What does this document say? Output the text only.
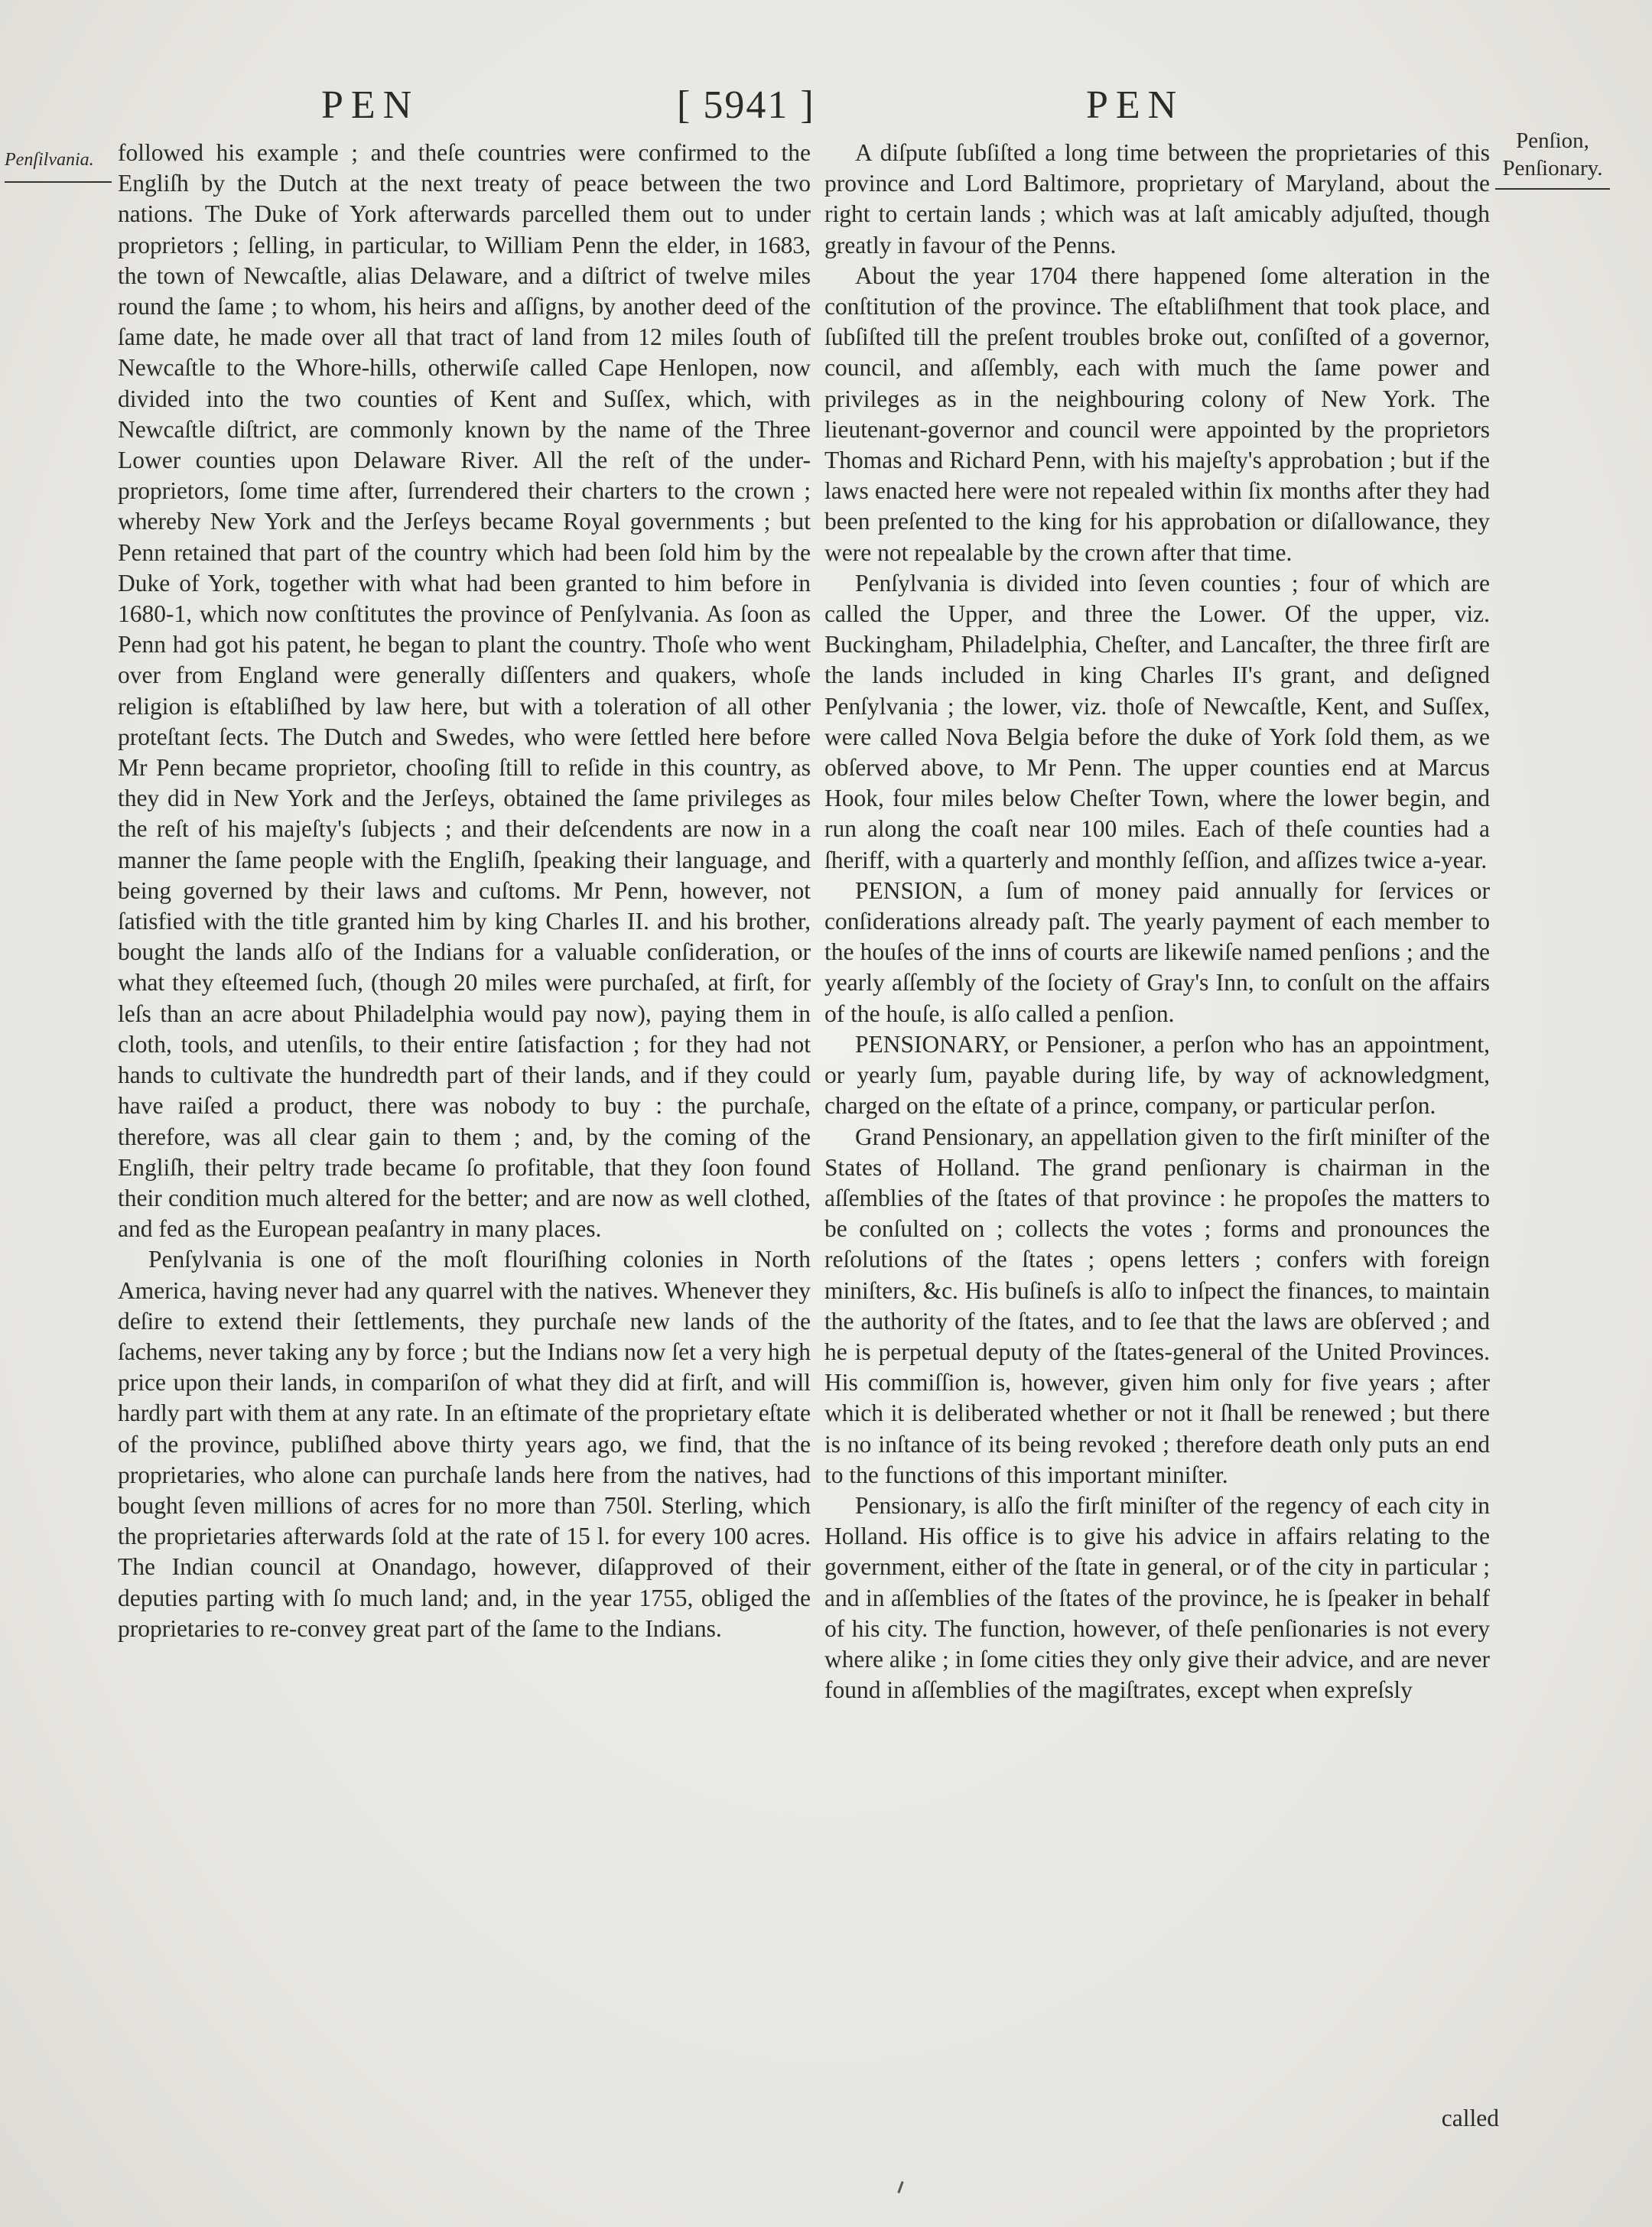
PEN	[ 5941 ]	PEN
Penſilvania.
Penſion,
Penſionary.

followed his example ; and theſe countries were confirmed to the Engliſh by the Dutch at the next treaty of peace between the two nations. The Duke of York afterwards parcelled them out to under proprietors ; ſelling, in particular, to William Penn the elder, in 1683, the town of Newcaſtle, alias Delaware, and a diſtrict of twelve miles round the ſame ; to whom, his heirs and aſſigns, by another deed of the ſame date, he made over all that tract of land from 12 miles ſouth of Newcaſtle to the Whore-hills, otherwiſe called Cape Henlopen, now divided into the two counties of Kent and Suſſex, which, with Newcaſtle diſtrict, are commonly known by the name of the Three Lower counties upon Delaware River. All the reſt of the under-proprietors, ſome time after, ſurrendered their charters to the crown ; whereby New York and the Jerſeys became Royal governments ; but Penn retained that part of the country which had been ſold him by the Duke of York, together with what had been granted to him before in 1680-1, which now conſtitutes the province of Penſylvania. As ſoon as Penn had got his patent, he began to plant the country. Thoſe who went over from England were generally diſſenters and quakers, whoſe religion is eſtabliſhed by law here, but with a toleration of all other proteſtant ſects. The Dutch and Swedes, who were ſettled here before Mr Penn became proprietor, chooſing ſtill to reſide in this country, as they did in New York and the Jerſeys, obtained the ſame privileges as the reſt of his majeſty's ſubjects ; and their deſcendents are now in a manner the ſame people with the Engliſh, ſpeaking their language, and being governed by their laws and cuſtoms. Mr Penn, however, not ſatisfied with the title granted him by king Charles II. and his brother, bought the lands alſo of the Indians for a valuable conſideration, or what they eſteemed ſuch, (though 20 miles were purchaſed, at firſt, for leſs than an acre about Philadelphia would pay now), paying them in cloth, tools, and utenſils, to their entire ſatisfaction ; for they had not hands to cultivate the hundredth part of their lands, and if they could have raiſed a product, there was nobody to buy : the purchaſe, therefore, was all clear gain to them ; and, by the coming of the Engliſh, their peltry trade became ſo profitable, that they ſoon found their condition much altered for the better; and are now as well clothed, and fed as the European peaſantry in many places.

Penſylvania is one of the moſt flouriſhing colonies in North America, having never had any quarrel with the natives. Whenever they deſire to extend their ſettlements, they purchaſe new lands of the ſachems, never taking any by force ; but the Indians now ſet a very high price upon their lands, in compariſon of what they did at firſt, and will hardly part with them at any rate. In an eſtimate of the proprietary eſtate of the province, publiſhed above thirty years ago, we find, that the proprietaries, who alone can purchaſe lands here from the natives, had bought ſeven millions of acres for no more than 750l. Sterling, which the proprietaries afterwards ſold at the rate of 15 l. for every 100 acres. The Indian council at Onandago, however, diſapproved of their deputies parting with ſo much land; and, in the year 1755, obliged the proprietaries to re-convey great part of the ſame to the Indians.

A diſpute ſubſiſted a long time between the proprietaries of this province and Lord Baltimore, proprietary of Maryland, about the right to certain lands ; which was at laſt amicably adjuſted, though greatly in favour of the Penns.

About the year 1704 there happened ſome alteration in the conſtitution of the province. The eſtabliſhment that took place, and ſubſiſted till the preſent troubles broke out, conſiſted of a governor, council, and aſſembly, each with much the ſame power and privileges as in the neighbouring colony of New York. The lieutenant-governor and council were appointed by the proprietors Thomas and Richard Penn, with his majeſty's approbation ; but if the laws enacted here were not repealed within ſix months after they had been preſented to the king for his approbation or diſallowance, they were not repealable by the crown after that time.

Penſylvania is divided into ſeven counties ; four of which are called the Upper, and three the Lower. Of the upper, viz. Buckingham, Philadelphia, Cheſter, and Lancaſter, the three firſt are the lands included in king Charles II's grant, and deſigned Penſylvania ; the lower, viz. thoſe of Newcaſtle, Kent, and Suſſex, were called Nova Belgia before the duke of York ſold them, as we obſerved above, to Mr Penn. The upper counties end at Marcus Hook, four miles below Cheſter Town, where the lower begin, and run along the coaſt near 100 miles. Each of theſe counties had a ſheriff, with a quarterly and monthly ſeſſion, and aſſizes twice a-year.

PENSION, a ſum of money paid annually for ſervices or conſiderations already paſt. The yearly payment of each member to the houſes of the inns of courts are likewiſe named penſions ; and the yearly aſſembly of the ſociety of Gray's Inn, to conſult on the affairs of the houſe, is alſo called a penſion.

PENSIONARY, or Pensioner, a perſon who has an appointment, or yearly ſum, payable during life, by way of acknowledgment, charged on the eſtate of a prince, company, or particular perſon.

Grand Pensionary, an appellation given to the firſt miniſter of the States of Holland. The grand penſionary is chairman in the aſſemblies of the ſtates of that province : he propoſes the matters to be conſulted on ; collects the votes ; forms and pronounces the reſolutions of the ſtates ; opens letters ; confers with foreign miniſters, &c. His buſineſs is alſo to inſpect the finances, to maintain the authority of the ſtates, and to ſee that the laws are obſerved ; and he is perpetual deputy of the ſtates-general of the United Provinces. His commiſſion is, however, given him only for five years ; after which it is deliberated whether or not it ſhall be renewed ; but there is no inſtance of its being revoked ; therefore death only puts an end to the functions of this important miniſter.

Pensionary, is alſo the firſt miniſter of the regency of each city in Holland. His office is to give his advice in affairs relating to the government, either of the ſtate in general, or of the city in particular ; and in aſſemblies of the ſtates of the province, he is ſpeaker in behalf of his city. The function, however, of theſe penſionaries is not every where alike ; in ſome cities they only give their advice, and are never found in aſſemblies of the magiſtrates, except when expreſsly

called
